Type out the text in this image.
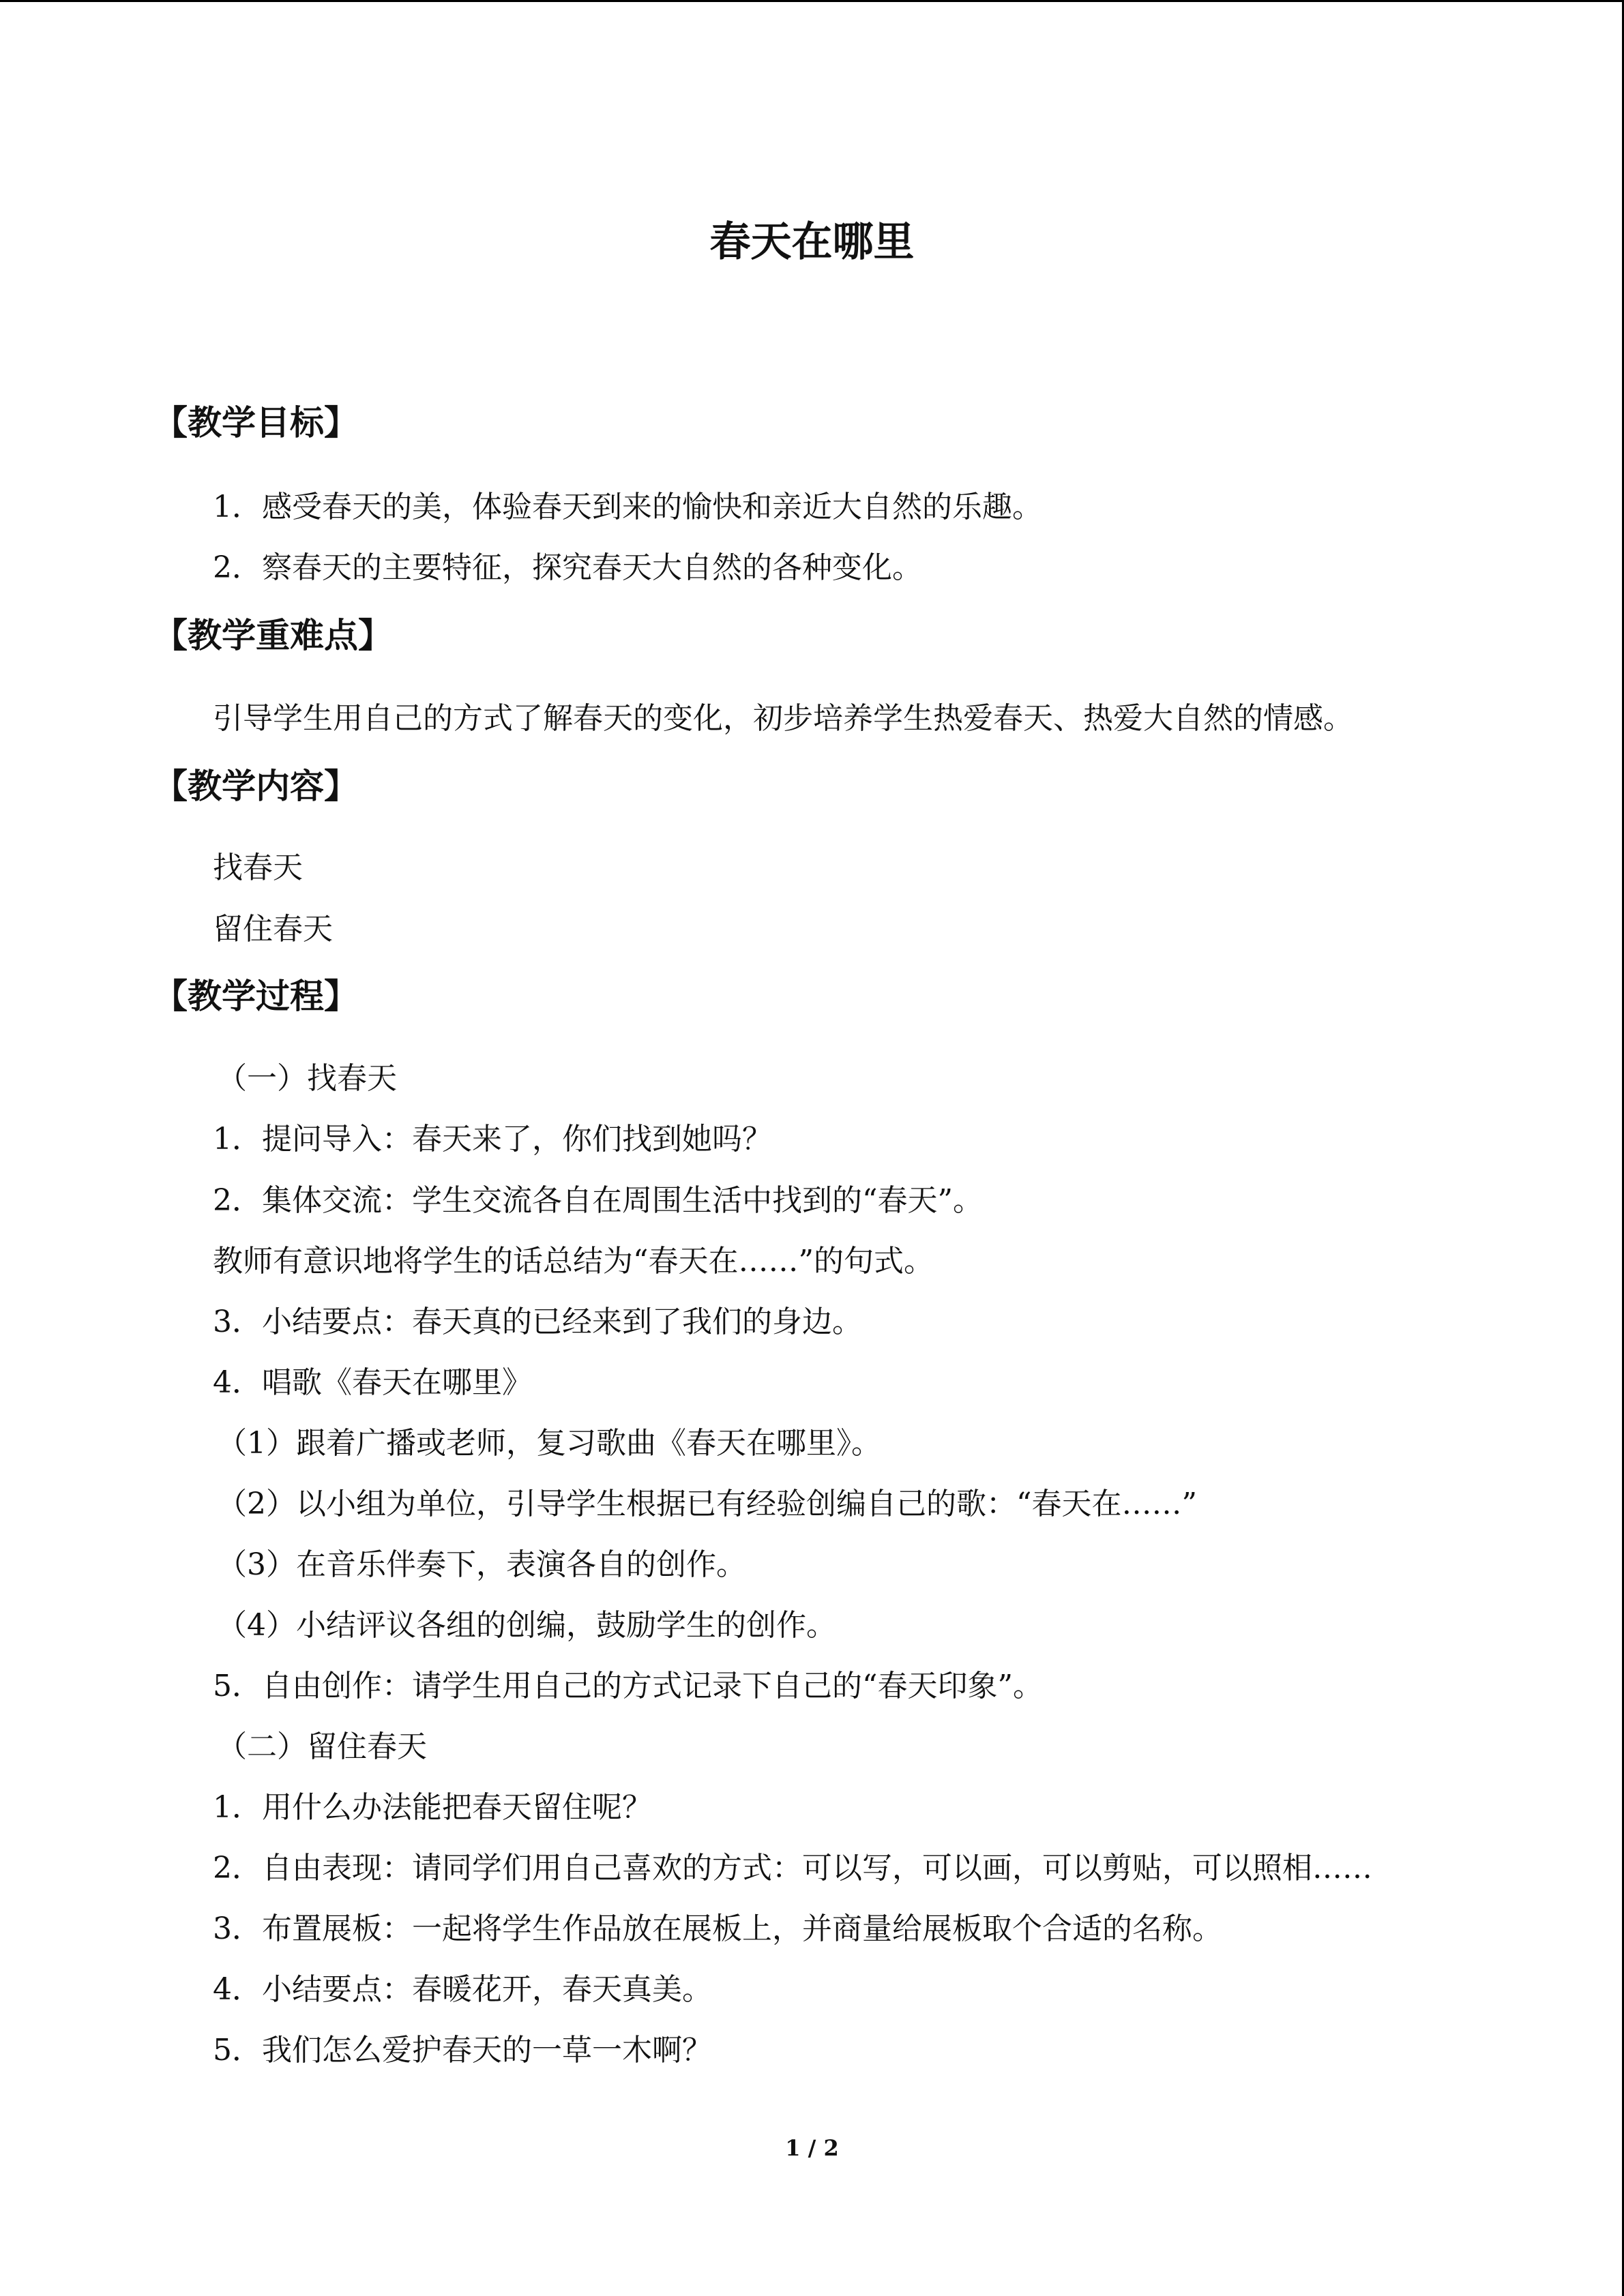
春天在哪里
【教学目标】
1．感受春天的美，体验春天到来的愉快和亲近大自然的乐趣。
2．察春天的主要特征，探究春天大自然的各种变化。
【教学重难点】
引导学生用自己的方式了解春天的变化，初步培养学生热爱春天、热爱大自然的情感。
【教学内容】
找春天
留住春天
【教学过程】
（一）找春天
1．提问导入：春天来了，你们找到她吗？
2．集体交流：学生交流各自在周围生活中找到的“春天”。
教师有意识地将学生的话总结为“春天在……”的句式。
3．小结要点：春天真的已经来到了我们的身边。
4．唱歌《春天在哪里》
（1）跟着广播或老师，复习歌曲《春天在哪里》。
（2）以小组为单位，引导学生根据已有经验创编自己的歌：“春天在……”
（3）在音乐伴奏下，表演各自的创作。
（4）小结评议各组的创编，鼓励学生的创作。
5．自由创作：请学生用自己的方式记录下自己的“春天印象”。
（二）留住春天
1．用什么办法能把春天留住呢？
2．自由表现：请同学们用自己喜欢的方式：可以写，可以画，可以剪贴，可以照相……
3．布置展板：一起将学生作品放在展板上，并商量给展板取个合适的名称。
4．小结要点：春暖花开，春天真美。
5．我们怎么爱护春天的一草一木啊？
1 / 2
